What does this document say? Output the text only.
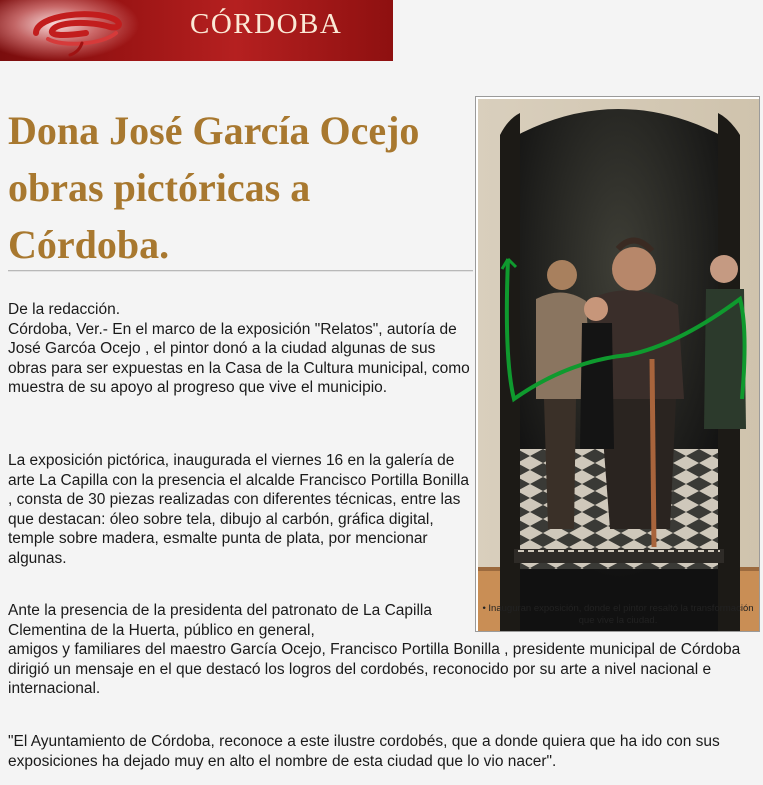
CÓRDOBA
Dona José García Ocejo obras pictóricas a Córdoba.
• Inauguran exposición, donde el pintor resaltó la transformación que vive la ciudad.
De la redacción.
Córdoba, Ver.- En el marco de la exposición "Relatos", autoría de José Garcóa Ocejo , el pintor donó a la ciudad algunas de sus obras para ser expuestas en la Casa de la Cultura municipal, como muestra de su apoyo al progreso que vive el municipio.
La exposición pictórica, inaugurada el viernes 16 en la galería de arte La Capilla con la presencia el alcalde Francisco Portilla Bonilla , consta de 30 piezas realizadas con diferentes técnicas, entre las que destacan: óleo sobre tela, dibujo al carbón, gráfica digital, temple sobre madera, esmalte punta de plata, por mencionar algunas.
Ante la presencia de la presidenta del patronato de La Capilla Clementina de la Huerta, público en general,
amigos y familiares del maestro García Ocejo, Francisco Portilla Bonilla , presidente municipal de Córdoba dirigió un mensaje en el que destacó los logros del cordobés, reconocido por su arte a nivel nacional e internacional.
"El Ayuntamiento de Córdoba, reconoce a este ilustre cordobés, que a donde quiera que ha ido con sus exposiciones ha dejado muy en alto el nombre de esta ciudad que lo vio nacer".
